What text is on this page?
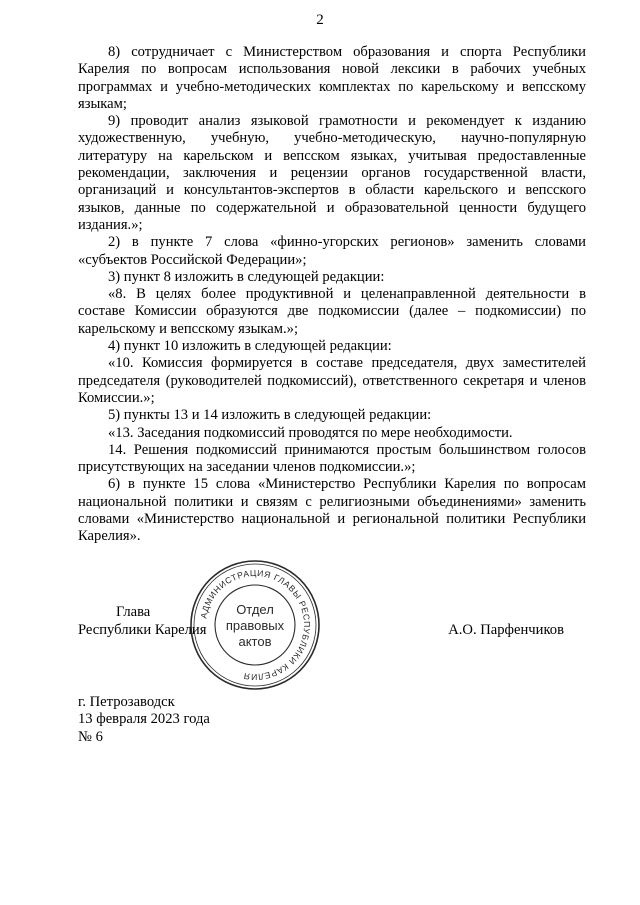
2

8) сотрудничает с Министерством образования и спорта Республики Карелия по вопросам использования новой лексики в рабочих учебных программах и учебно-методических комплектах по карельскому и вепсскому языкам;

9) проводит анализ языковой грамотности и рекомендует к изданию художественную, учебную, учебно-методическую, научно-популярную литературу на карельском и вепсском языках, учитывая предоставленные рекомендации, заключения и рецензии органов государственной власти, организаций и консультантов-экспертов в области карельского и вепсского языков, данные по содержательной и образовательной ценности будущего издания.»;

2) в пункте 7 слова «финно-угорских регионов» заменить словами «субъектов Российской Федерации»;

3) пункт 8 изложить в следующей редакции:

«8. В целях более продуктивной и целенаправленной деятельности в составе Комиссии образуются две подкомиссии (далее – подкомиссии) по карельскому и вепсскому языкам.»;

4) пункт 10 изложить в следующей редакции:

«10. Комиссия формируется в составе председателя, двух заместителей председателя (руководителей подкомиссий), ответственного секретаря и членов Комиссии.»;

5) пункты 13 и 14 изложить в следующей редакции:

«13. Заседания подкомиссий проводятся по мере необходимости.

14. Решения подкомиссий принимаются простым большинством голосов присутствующих на заседании членов подкомиссии.»;

6) в пункте 15 слова «Министерство Республики Карелия по вопросам национальной политики и связям с религиозными объединениями» заменить словами «Министерство национальной и региональной политики Республики Карелия».

Глава
Республики Карелия	А.О. Парфенчиков
АДМИНИСТРАЦИЯ ГЛАВЫ РЕСПУБЛИКИ КАРЕЛИЯ
Отдел
правовых
актов
г. Петрозаводск
13 февраля 2023 года
№ 6
